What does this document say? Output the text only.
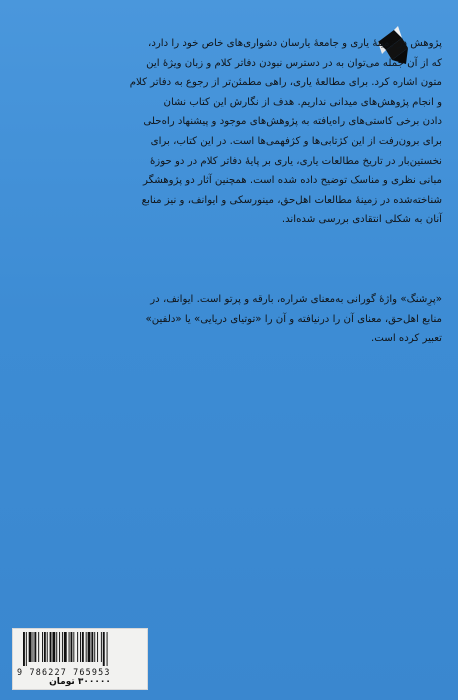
پژوهش در زمینهٔ یاری و جامعهٔ یارسان دشواری‌های خاص خود را دارد،
که از آن جمله می‌توان به در دسترس نبودن دفاتر کلام و زبان ویژهٔ این
متون اشاره کرد. برای مطالعهٔ یاری، راهی مطمئن‌تر از رجوع به دفاتر کلام
و انجام پژوهش‌های میدانی نداریم. هدف از نگارش این کتاب نشان
دادن برخی کاستی‌های راه‌یافته به پژوهش‌های موجود و پیشنهاد راه‌حلی
برای برون‌رفت از این کژتابی‌ها و کژفهمی‌ها است. در این کتاب، برای
نخستین‌بار در تاریخ مطالعات یاری، یاری بر پایهٔ دفاتر کلام در دو حوزهٔ
مبانی نظری و مناسک توضیح داده شده است. همچنین آثار دو پژوهشگر
شناخته‌شده در زمینهٔ مطالعات اهل‌حق، مینورسکی و ایوانف، و نیز منابع
آنان به شکلی انتقادی بررسی شده‌اند.
«پرِشنگ» واژهٔ گورانی به‌معنای شراره، بارقه و پرتو است. ایوانف، در
منابع اهل‌حق، معنای آن را درنیافته و آن را «توتیای دریایی» یا «دلفین»
تعبیر کرده است.
9 786227 765953
۳۰۰۰۰۰ تومان
